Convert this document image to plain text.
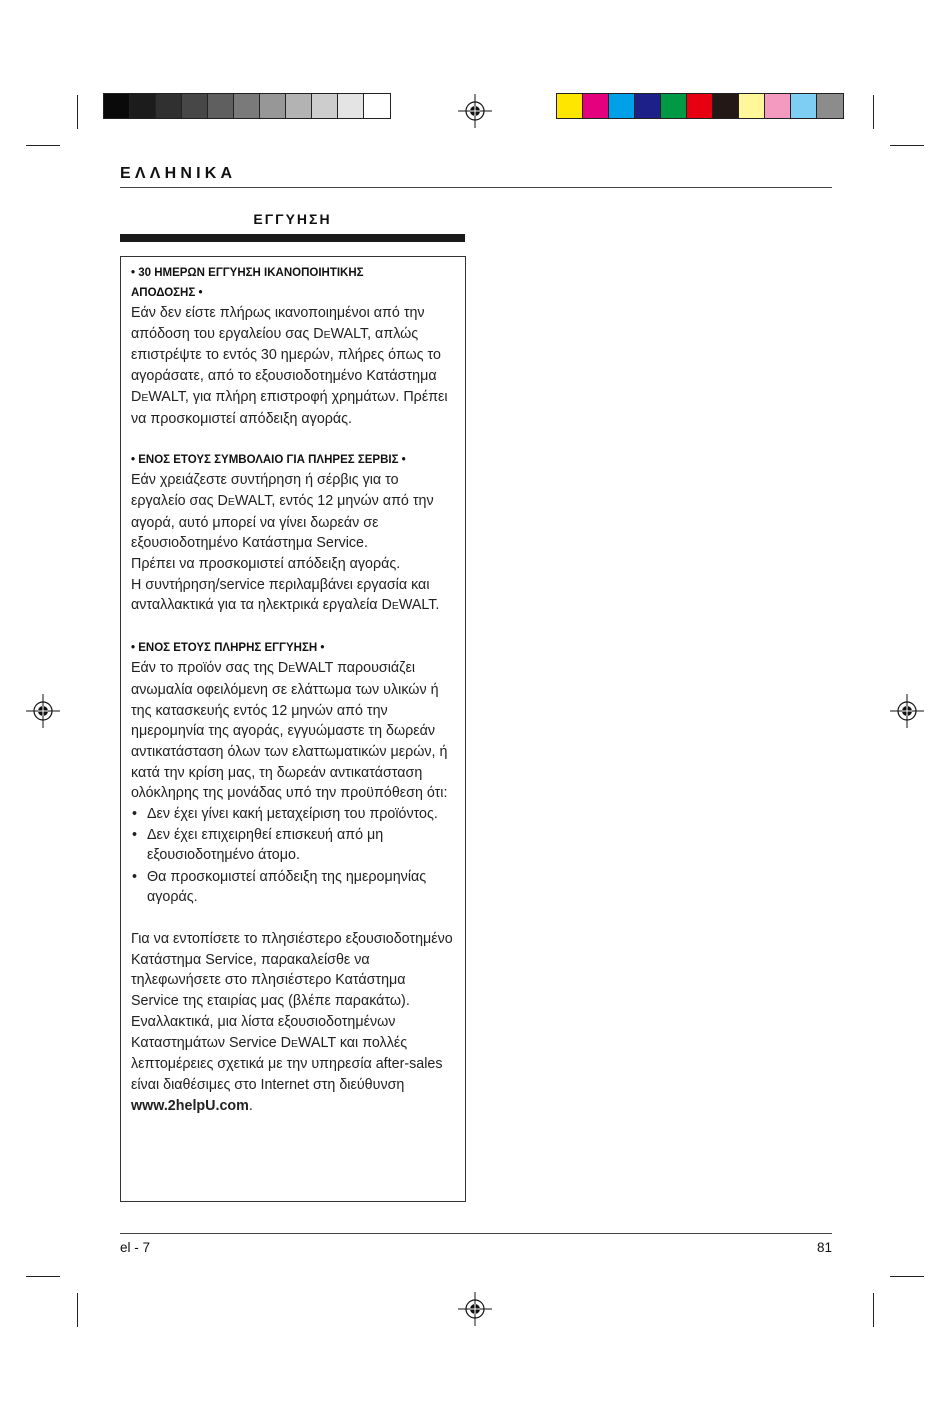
ΕΛΛΗΝΙΚΑ
ΕΓΓΥΗΣΗ
• 30 ΗΜΕΡΩΝ ΕΓΓΥΗΣΗ ΙΚΑΝΟΠΟΙΗΤΙΚΗΣ
ΑΠΟΔΟΣΗΣ •

Εάν δεν είστε πλήρως ικανοποιημένοι από την απόδοση του εργαλείου σας DEWALT, απλώς επιστρέψτε το εντός 30 ημερών, πλήρες όπως το αγοράσατε, από το εξουσιοδοτημένο Κατάστημα DEWALT, για πλήρη επιστροφή χρημάτων. Πρέπει να προσκομιστεί απόδειξη αγοράς.

• ΕΝΟΣ ΕΤΟΥΣ ΣΥΜΒΟΛΑΙΟ ΓΙΑ ΠΛΗΡΕΣ ΣΕΡΒΙΣ •

Εάν χρειάζεστε συντήρηση ή σέρβις για το εργαλείο σας DEWALT, εντός 12 μηνών από την αγορά, αυτό μπορεί να γίνει δωρεάν σε εξουσιοδοτημένο Κατάστημα Service.

Πρέπει να προσκομιστεί απόδειξη αγοράς.

Η συντήρηση/service περιλαμβάνει εργασία και ανταλλακτικά για τα ηλεκτρικά εργαλεία DEWALT.

• ΕΝΟΣ ΕΤΟΥΣ ΠΛΗΡΗΣ ΕΓΓΥΗΣΗ •

Εάν το προϊόν σας της DEWALT παρουσιάζει ανωμαλία οφειλόμενη σε ελάττωμα των υλικών ή της κατασκευής εντός 12 μηνών από την ημερομηνία της αγοράς, εγγυώμαστε τη δωρεάν αντικατάσταση όλων των ελαττωματικών μερών, ή κατά την κρίση μας, τη δωρεάν αντικατάσταση ολόκληρης της μονάδας υπό την προϋπόθεση ότι:

• Δεν έχει γίνει κακή μεταχείριση του προϊόντος.
• Δεν έχει επιχειρηθεί επισκευή από μη εξουσιοδοτημένο άτομο.
• Θα προσκομιστεί απόδειξη της ημερομηνίας αγοράς.

Για να εντοπίσετε το πλησιέστερο εξουσιοδοτημένο Κατάστημα Service, παρακαλείσθε να τηλεφωνήσετε στο πλησιέστερο Κατάστημα Service της εταιρίας μας (βλέπε παρακάτω). Εναλλακτικά, μια λίστα εξουσιοδοτημένων Καταστημάτων Service DEWALT και πολλές λεπτομέρειες σχετικά με την υπηρεσία after-sales είναι διαθέσιμες στο Internet στη διεύθυνση www.2helpU.com.

el - 7	81
